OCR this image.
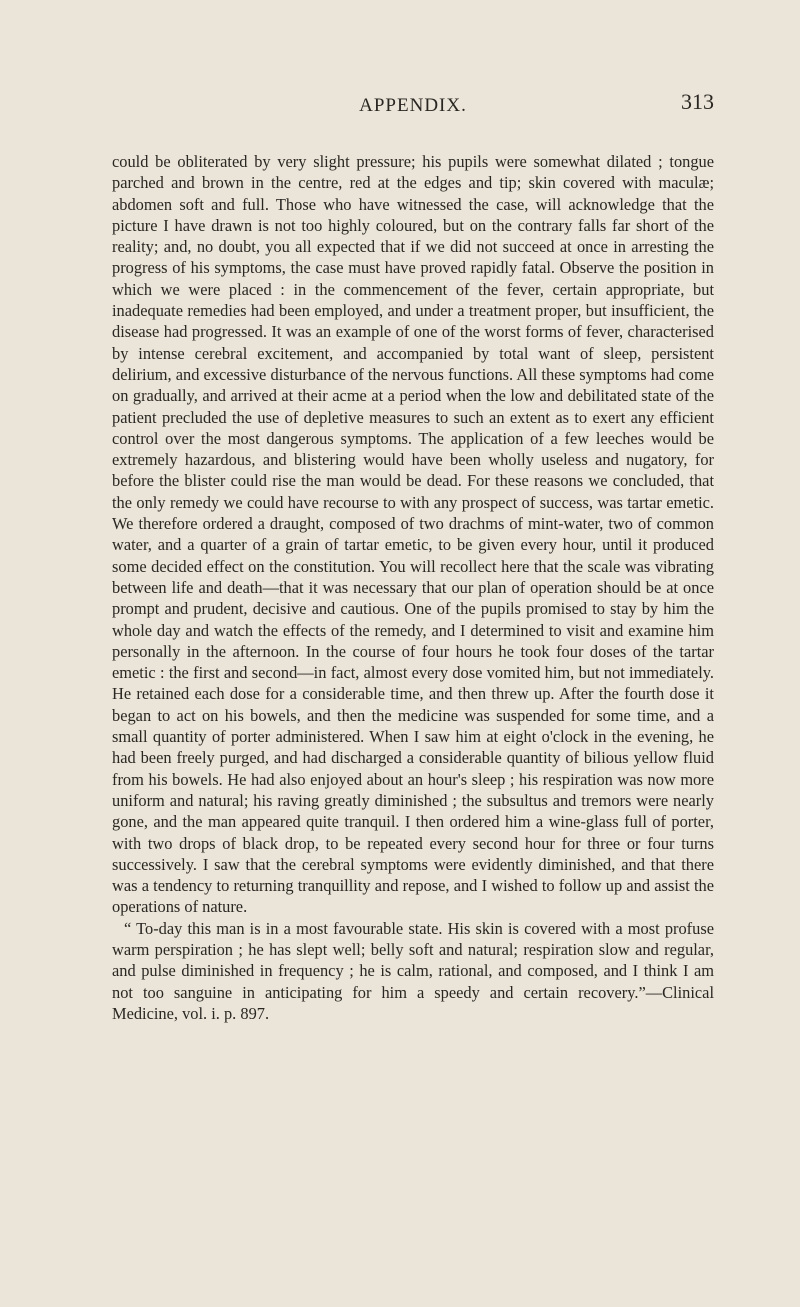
APPENDIX.	313

could be obliterated by very slight pressure; his pupils were somewhat dilated ; tongue parched and brown in the centre, red at the edges and tip; skin covered with maculæ; abdomen soft and full. Those who have witnessed the case, will acknowledge that the picture I have drawn is not too highly coloured, but on the contrary falls far short of the reality; and, no doubt, you all expected that if we did not succeed at once in arresting the progress of his symptoms, the case must have proved rapidly fatal. Observe the position in which we were placed : in the commencement of the fever, certain appropriate, but inadequate remedies had been employed, and under a treatment proper, but insufficient, the disease had progressed. It was an example of one of the worst forms of fever, characterised by intense cerebral excitement, and accompanied by total want of sleep, persistent delirium, and excessive disturbance of the nervous functions. All these symptoms had come on gradually, and arrived at their acme at a period when the low and debilitated state of the patient precluded the use of depletive measures to such an extent as to exert any efficient control over the most dangerous symptoms. The application of a few leeches would be extremely hazardous, and blistering would have been wholly useless and nugatory, for before the blister could rise the man would be dead. For these reasons we concluded, that the only remedy we could have recourse to with any prospect of success, was tartar emetic. We therefore ordered a draught, composed of two drachms of mint-water, two of common water, and a quarter of a grain of tartar emetic, to be given every hour, until it produced some decided effect on the constitution. You will recollect here that the scale was vibrating between life and death—that it was necessary that our plan of operation should be at once prompt and prudent, decisive and cautious. One of the pupils promised to stay by him the whole day and watch the effects of the remedy, and I determined to visit and examine him personally in the afternoon. In the course of four hours he took four doses of the tartar emetic : the first and second—in fact, almost every dose vomited him, but not immediately. He retained each dose for a considerable time, and then threw up. After the fourth dose it began to act on his bowels, and then the medicine was suspended for some time, and a small quantity of porter administered. When I saw him at eight o'clock in the evening, he had been freely purged, and had discharged a considerable quantity of bilious yellow fluid from his bowels. He had also enjoyed about an hour's sleep ; his respiration was now more uniform and natural; his raving greatly diminished ; the subsultus and tremors were nearly gone, and the man appeared quite tranquil. I then ordered him a wine-glass full of porter, with two drops of black drop, to be repeated every second hour for three or four turns successively. I saw that the cerebral symptoms were evidently diminished, and that there was a tendency to returning tranquillity and repose, and I wished to follow up and assist the operations of nature.

“ To-day this man is in a most favourable state. His skin is covered with a most profuse warm perspiration ; he has slept well; belly soft and natural; respiration slow and regular, and pulse diminished in frequency ; he is calm, rational, and composed, and I think I am not too sanguine in anticipating for him a speedy and certain recovery.”—Clinical Medicine, vol. i. p. 897.
